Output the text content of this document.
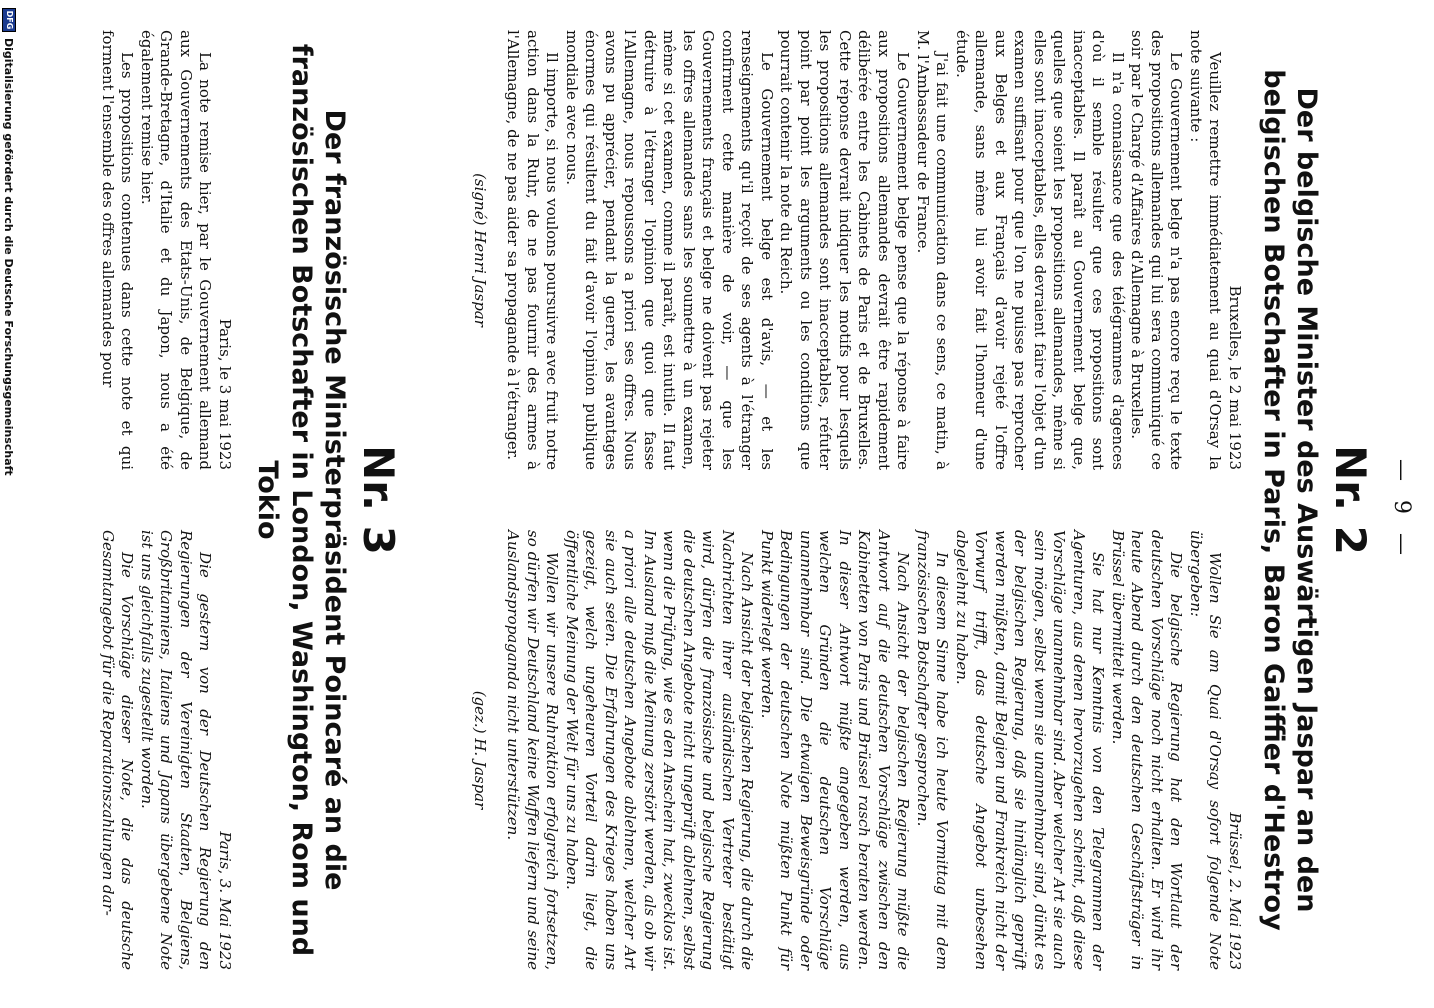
— 9 —
Nr. 2
Der belgische Minister des Auswärtigen Jaspar an den belgischen Botschafter in Paris, Baron Gaiffier d'Hestroy

Bruxelles, le 2 mai 1923

Veuillez remettre immédiatement au quai d'Orsay la note suivante :

Le Gouvernement belge n'a pas encore reçu le texte des propositions allemandes qui lui sera communiqué ce soir par le Chargé d'Affaires d'Allemagne à Bruxelles.

Il n'a connaissance que des télégrammes d'agences d'où il semble résulter que ces propositions sont inacceptables. Il paraît au Gouvernement belge que, quelles que soient les propositions allemandes, même si elles sont inacceptables, elles devraient faire l'objet d'un examen suffisant pour que l'on ne puisse pas reprocher aux Belges et aux Français d'avoir rejeté l'offre allemande, sans même lui avoir fait l'honneur d'une étude.

J'ai fait une communication dans ce sens, ce matin, à M. l'Ambassadeur de France.

Le Gouvernement belge pense que la réponse à faire aux propositions allemandes devrait être rapidement délibérée entre les Cabinets de Paris et de Bruxelles. Cette réponse devrait indiquer les motifs pour lesquels les propositions allemandes sont inacceptables, réfuter point par point les arguments ou les conditions que pourrait contenir la note du Reich.

Le Gouvernement belge est d'avis, — et les renseignements qu'il reçoit de ses agents à l'étranger confirment cette manière de voir, — que les Gouvernements français et belge ne doivent pas rejeter les offres allemandes sans les soumettre à un examen, même si cet examen, comme il paraît, est inutile. Il faut détruire à l'étranger l'opinion que quoi que fasse l'Allemagne, nous repoussons a priori ses offres. Nous avons pu apprécier, pendant la guerre, les avantages énormes qui résultent du fait d'avoir l'opinion publique mondiale avec nous.

Il importe, si nous voulons poursuivre avec fruit notre action dans la Ruhr, de ne pas fournir des armes à l'Allemagne, de ne pas aider sa propagande à l'étranger.

(signé) Henri Jaspar

Brüssel, 2. Mai 1923

Wollen Sie am Quai d'Orsay sofort folgende Note übergeben:

Die belgische Regierung hat den Wortlaut der deutschen Vorschläge noch nicht erhalten. Er wird ihr heute Abend durch den deutschen Geschäftsträger in Brüssel übermittelt werden.

Sie hat nur Kenntnis von den Telegrammen der Agenturen, aus denen hervorzugehen scheint, daß diese Vorschläge unannehmbar sind. Aber welcher Art sie auch sein mögen, selbst wenn sie unannehmbar sind, dünkt es der belgischen Regierung, daß sie hinlänglich geprüft werden müßten, damit Belgien und Frankreich nicht der Vorwurf trifft, das deutsche Angebot unbesehen abgelehnt zu haben.

In diesem Sinne habe ich heute Vormittag mit dem französischen Botschafter gesprochen.

Nach Ansicht der belgischen Regierung müßte die Antwort auf die deutschen Vorschläge zwischen den Kabinetten von Paris und Brüssel rasch beraten werden. In dieser Antwort müßte angegeben werden, aus welchen Gründen die deutschen Vorschläge unannehmbar sind. Die etwaigen Beweisgründe oder Bedingungen der deutschen Note müßten Punkt für Punkt widerlegt werden.

Nach Ansicht der belgischen Regierung, die durch die Nachrichten ihrer ausländischen Vertreter bestätigt wird, dürfen die französische und belgische Regierung die deutschen Angebote nicht ungeprüft ablehnen, selbst wenn die Prüfung, wie es den Anschein hat, zwecklos ist. Im Ausland muß die Meinung zerstört werden, als ob wir a priori alle deutschen Angebote ablehnen, welcher Art sie auch seien. Die Erfahrungen des Krieges haben uns gezeigt, welch ungeheuren Vorteil darin liegt, die öffentliche Meinung der Welt für uns zu haben.

Wollen wir unsere Ruhraktion erfolgreich fortsetzen, so dürfen wir Deutschland keine Waffen liefern und seine Auslandspropaganda nicht unterstützen.

(gez.) H. Jaspar

Nr. 3
Der französische Ministerpräsident Poincaré an die französischen Botschafter in London, Washington, Rom und Tokio

Paris, le 3 mai 1923

La note remise hier, par le Gouvernement allemand aux Gouvernements des Etats-Unis, de Belgique, de Grande-Bretagne, d'Italie et du Japon, nous a été également remise hier.

Les propositions contenues dans cette note et qui forment l'ensemble des offres allemandes pour

Paris, 3. Mai 1923

Die gestern von der Deutschen Regierung den Regierungen der Vereinigten Staaten, Belgiens, Großbritanniens, Italiens und Japans übergebene Note ist uns gleichfalls zugestellt worden.

Die Vorschläge dieser Note, die das deutsche Gesamtangebot für die Reparationszahlungen dar-

DFG
Digitalisierung gefördert durch die Deutsche Forschungsgemeinschaft
